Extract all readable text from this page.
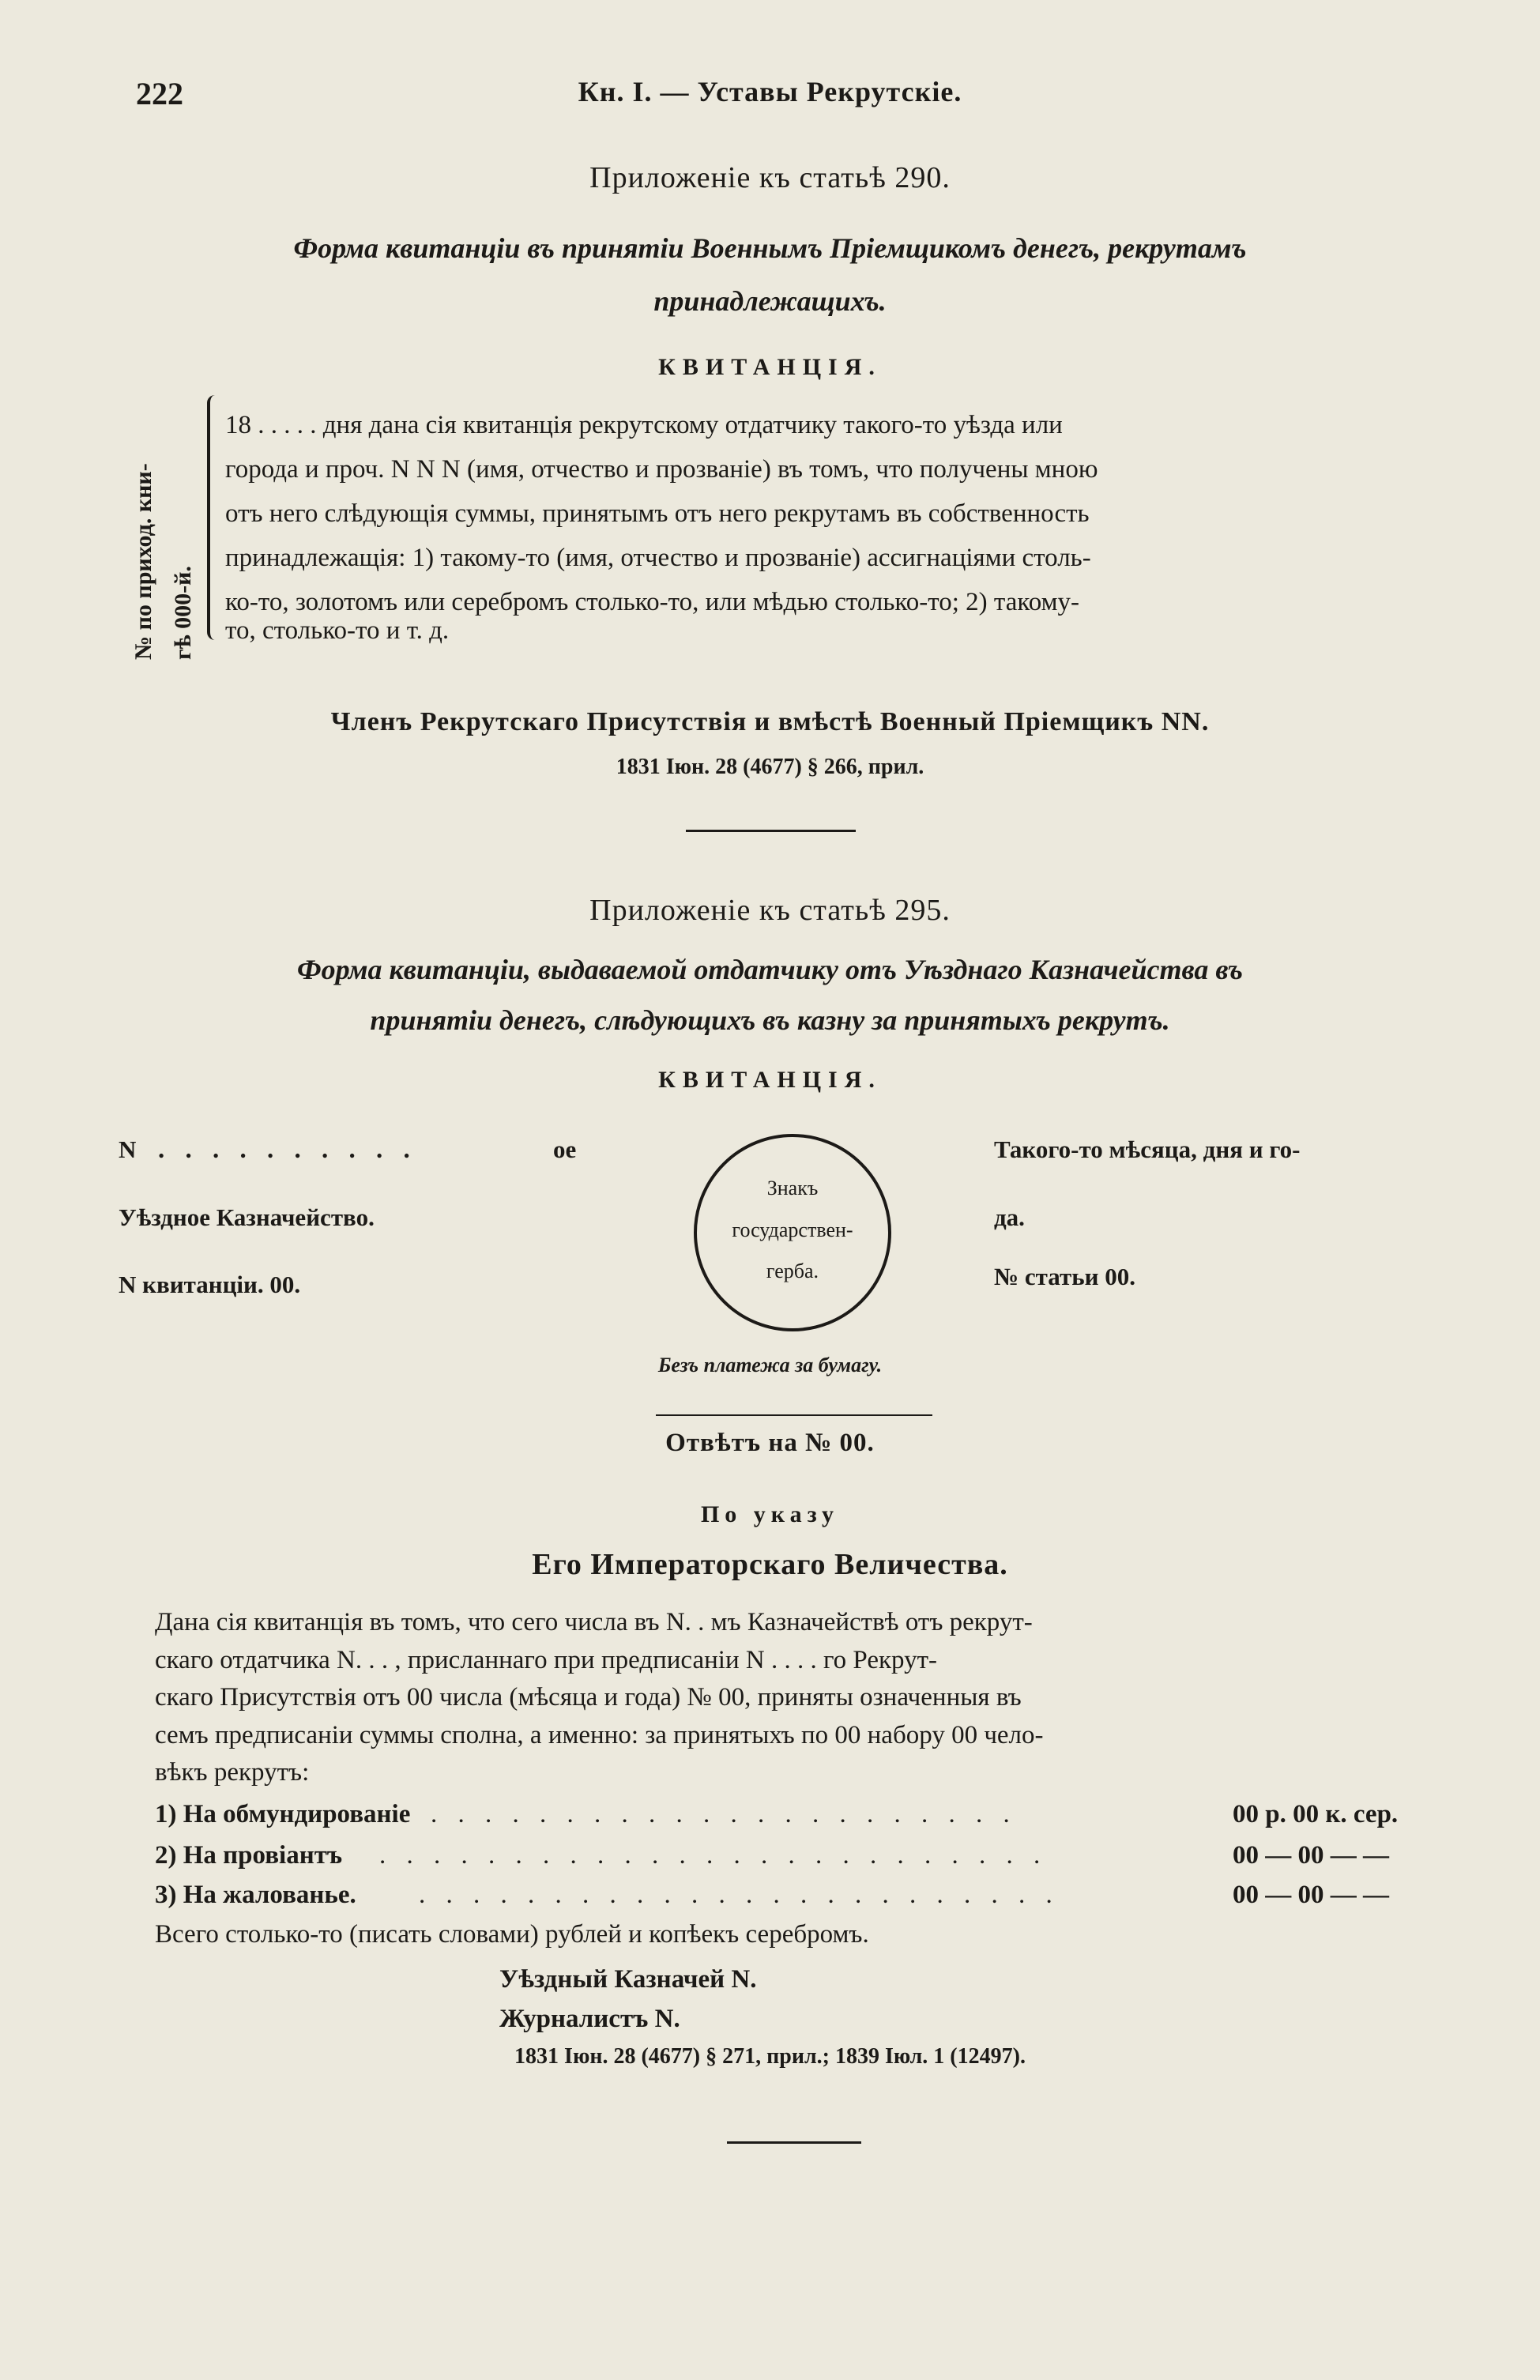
222	Кн. I. — Уставы Рекрутскіе.
Приложеніе къ статьѣ 290.
Форма квитанціи въ принятіи Военнымъ Пріемщикомъ денегъ, рекрутамъ
принадлежащихъ.
КВИТАНЦІЯ.
№ по приход. кни- гѣ 000-й.
18 . . . . . дня дана сія квитанція рекрутскому отдатчику такого-то уѣзда или
города и проч. N N N (имя, отчество и прозваніе) въ томъ, что получены мною
отъ него слѣдующія суммы, принятымъ отъ него рекрутамъ въ собственность
принадлежащія: 1) такому-то (имя, отчество и прозваніе) ассигнаціями столь-
ко-то, золотомъ или серебромъ столько-то, или мѣдью столько-то; 2) такому-
то, столько-то и т. д.
Членъ Рекрутскаго Присутствія и вмѣстѣ Военный Пріемщикъ NN.
1831 Іюн. 28 (4677) § 266, прил.
Приложеніе къ статьѣ 295.
Форма квитанціи, выдаваемой отдатчику отъ Уѣзднаго Казначейства въ
принятіи денегъ, слѣдующихъ въ казну за принятыхъ рекрутъ.
КВИТАНЦІЯ.
N . . . . . . . . . .	ое
Уѣздное Казначейство.
N квитанціи. 00.
Знакъ
государствен-
герба.
Такого-то мѣсяца, дня и го-
да.
№ статьи 00.
Безъ платежа за бумагу.
Отвѣтъ на № 00.
По указу
Его Императорскаго Величества.
Дана сія квитанція въ томъ, что сего числа въ N. . мъ Казначействѣ отъ рекрут-
скаго отдатчика N. . . , присланнаго при предписаніи N . . . . го Рекрут-
скаго Присутствія отъ 00 числа (мѣсяца и года) № 00, приняты означенныя въ
семъ предписаніи суммы сполна, а именно: за принятыхъ по 00 набору 00 чело-
вѣкъ рекрутъ:
1) На обмундированіе . . . . . . . . . . . . . . . . . . . . . .	00 р. 00 к. сер.
2) На провіантъ . . . . . . . . . . . . . . . . . . . . . . . . .	00 — 00 — —
3) На жалованье. . . . . . . . . . . . . . . . . . . . . . . . .	00 — 00 — —
Всего столько-то (писать словами) рублей и копѣекъ серебромъ.
Уѣздный Казначей N.
Журналистъ N.
1831 Іюн. 28 (4677) § 271, прил.; 1839 Іюл. 1 (12497).
